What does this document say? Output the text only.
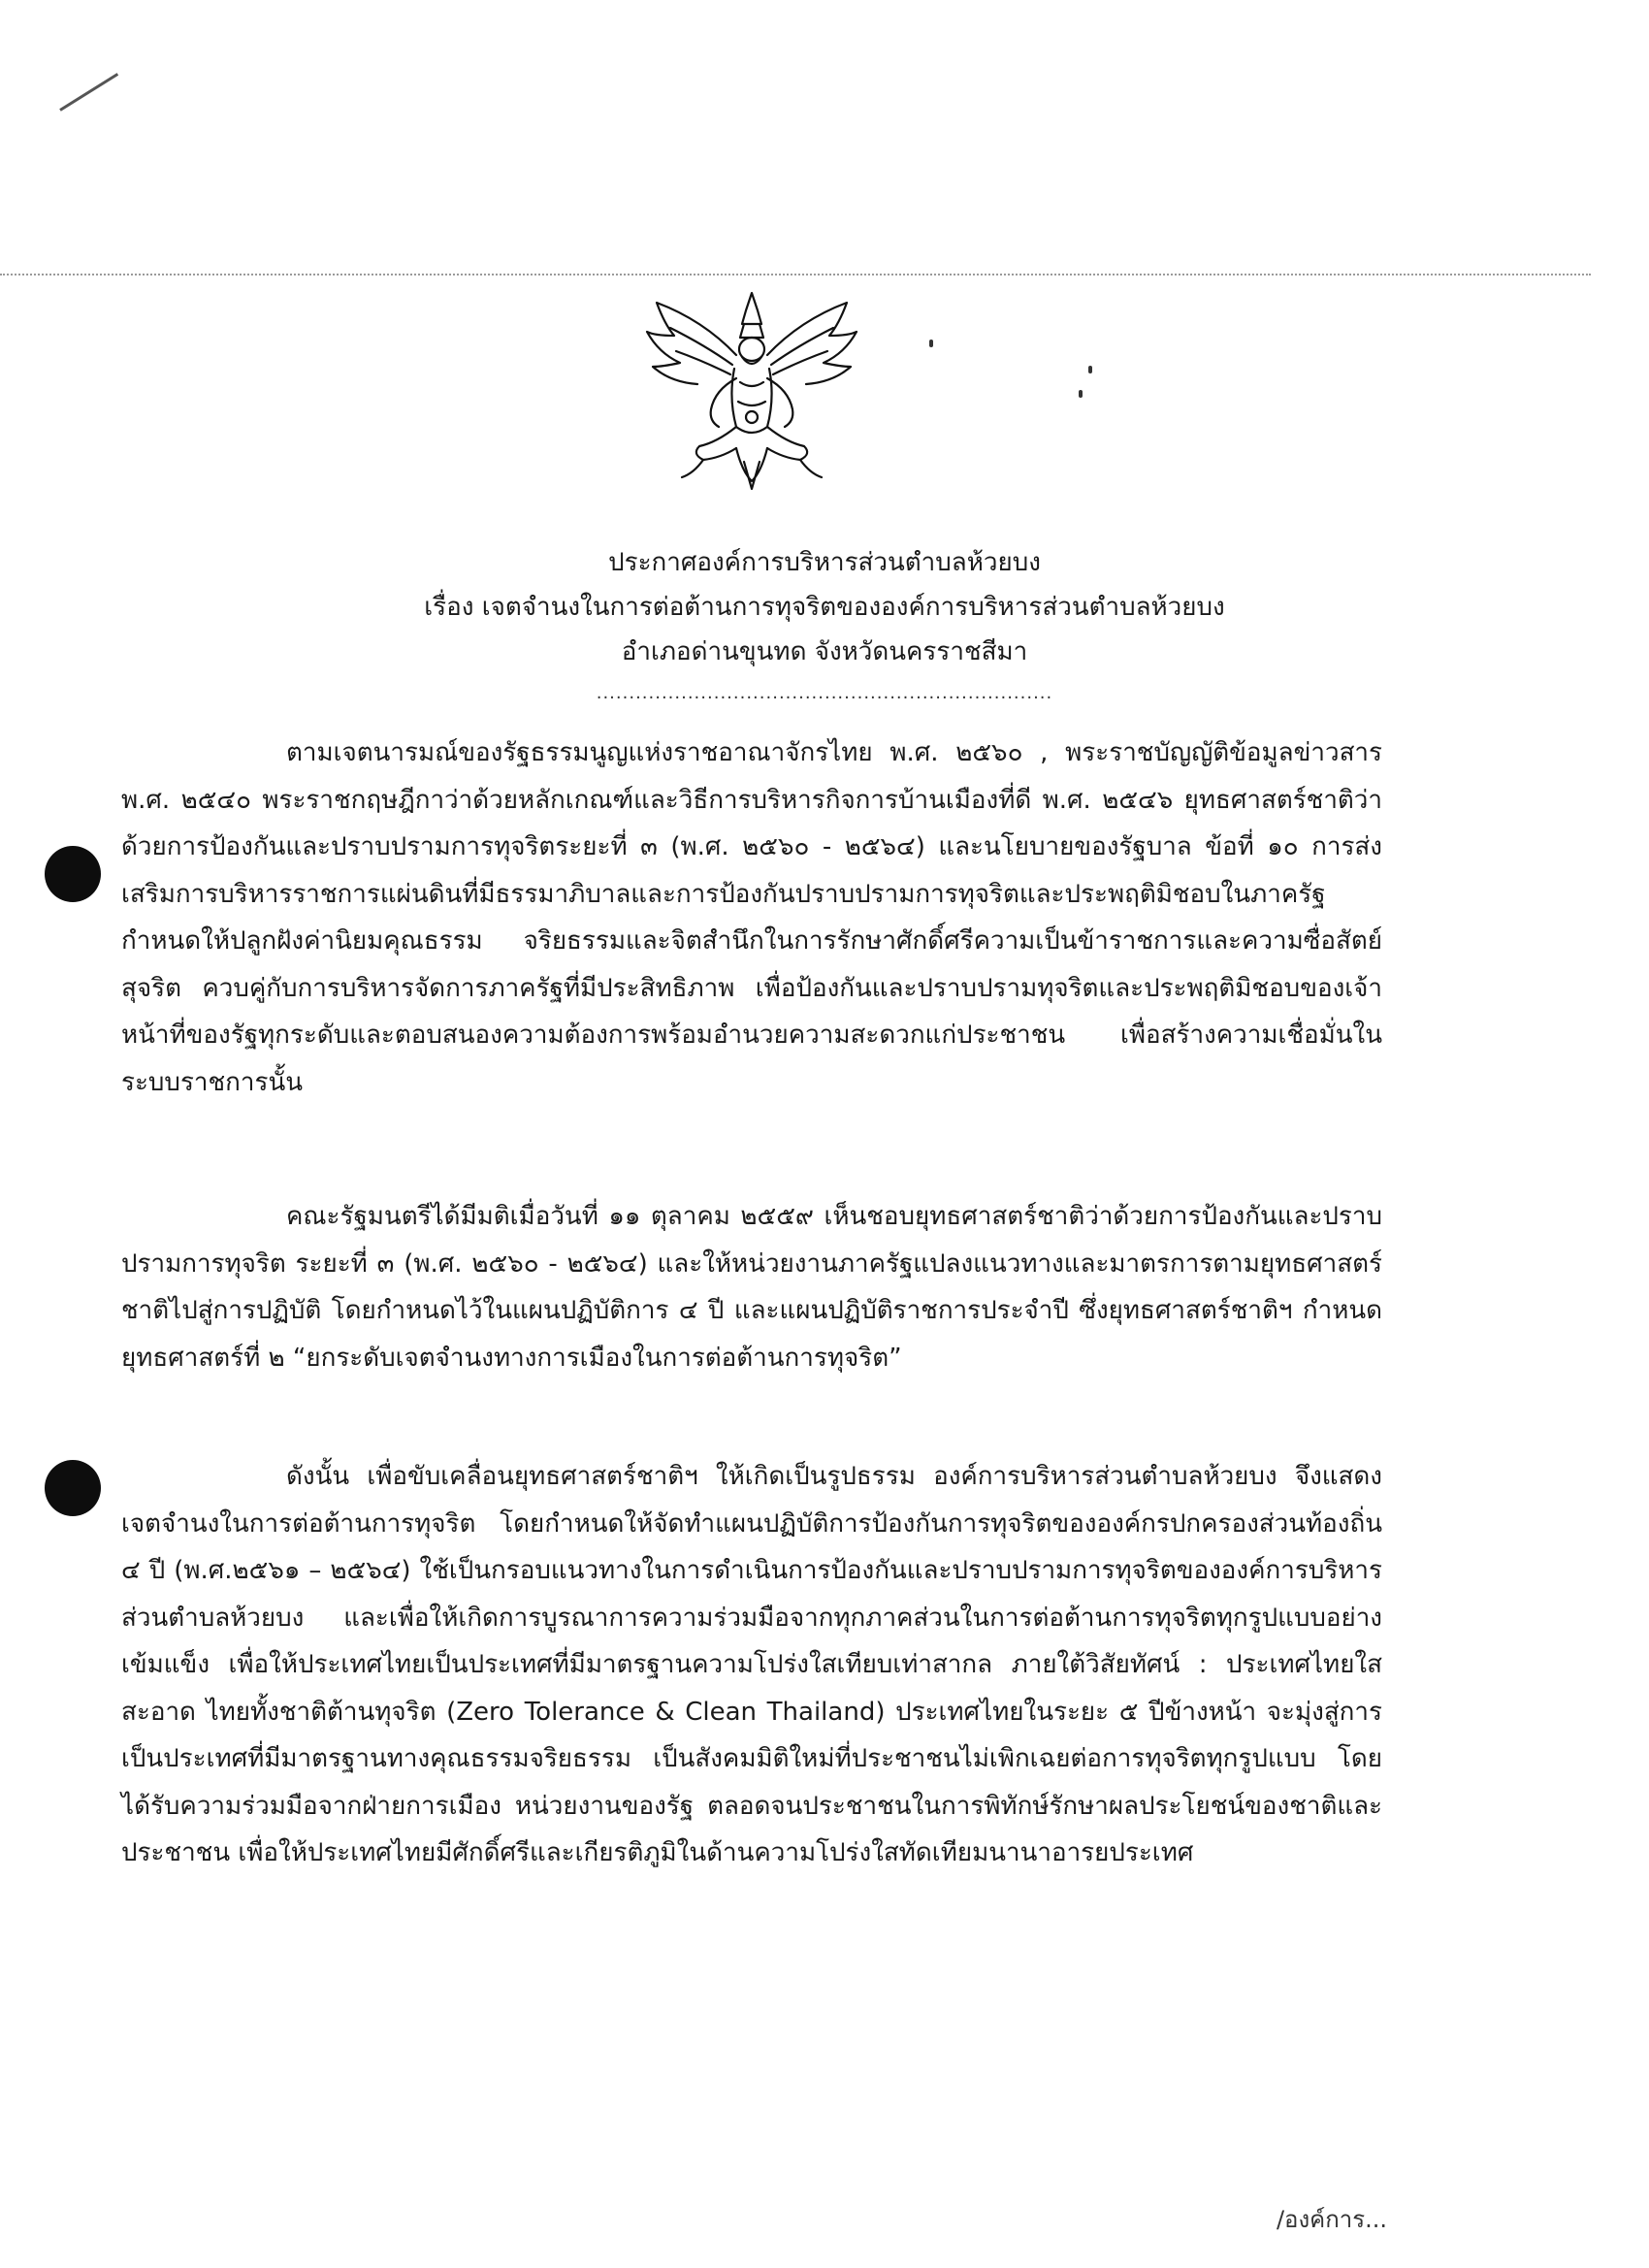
ประกาศองค์การบริหารส่วนตำบลห้วยบง
เรื่อง เจตจำนงในการต่อต้านการทุจริตขององค์การบริหารส่วนตำบลห้วยบง
อำเภอด่านขุนทด จังหวัดนครราชสีมา
......................................................................

ตามเจตนารมณ์ของรัฐธรรมนูญแห่งราชอาณาจักรไทย พ.ศ. ๒๕๖๐ , พระราชบัญญัติข้อมูลข่าวสาร พ.ศ. ๒๕๔๐ พระราชกฤษฎีกาว่าด้วยหลักเกณฑ์และวิธีการบริหารกิจการบ้านเมืองที่ดี พ.ศ. ๒๕๔๖ ยุทธศาสตร์ชาติว่าด้วยการป้องกันและปราบปรามการทุจริตระยะที่ ๓ (พ.ศ. ๒๕๖๐ - ๒๕๖๔) และนโยบายของรัฐบาล ข้อที่ ๑๐ การส่งเสริมการบริหารราชการแผ่นดินที่มีธรรมาภิบาลและการป้องกันปราบปรามการทุจริตและประพฤติมิชอบในภาครัฐ กำหนดให้ปลูกฝังค่านิยมคุณธรรม จริยธรรมและจิตสำนึกในการรักษาศักดิ์ศรีความเป็นข้าราชการและความซื่อสัตย์สุจริต ควบคู่กับการบริหารจัดการภาครัฐที่มีประสิทธิภาพ เพื่อป้องกันและปราบปรามทุจริตและประพฤติมิชอบของเจ้าหน้าที่ของรัฐทุกระดับและตอบสนองความต้องการพร้อมอำนวยความสะดวกแก่ประชาชน เพื่อสร้างความเชื่อมั่นในระบบราชการนั้น

คณะรัฐมนตรีได้มีมติเมื่อวันที่ ๑๑ ตุลาคม ๒๕๕๙ เห็นชอบยุทธศาสตร์ชาติว่าด้วยการป้องกันและปราบปรามการทุจริต ระยะที่ ๓ (พ.ศ. ๒๕๖๐ - ๒๕๖๔) และให้หน่วยงานภาครัฐแปลงแนวทางและมาตรการตามยุทธศาสตร์ชาติไปสู่การปฏิบัติ โดยกำหนดไว้ในแผนปฏิบัติการ ๔ ปี และแผนปฏิบัติราชการประจำปี ซึ่งยุทธศาสตร์ชาติฯ กำหนดยุทธศาสตร์ที่ ๒ “ยกระดับเจตจำนงทางการเมืองในการต่อต้านการทุจริต”

ดังนั้น เพื่อขับเคลื่อนยุทธศาสตร์ชาติฯ ให้เกิดเป็นรูปธรรม องค์การบริหารส่วนตำบลห้วยบง จึงแสดงเจตจำนงในการต่อต้านการทุจริต โดยกำหนดให้จัดทำแผนปฏิบัติการป้องกันการทุจริตขององค์กรปกครองส่วนท้องถิ่น ๔ ปี (พ.ศ.๒๕๖๑ – ๒๕๖๔) ใช้เป็นกรอบแนวทางในการดำเนินการป้องกันและปราบปรามการทุจริตขององค์การบริหารส่วนตำบลห้วยบง และเพื่อให้เกิดการบูรณาการความร่วมมือจากทุกภาคส่วนในการต่อต้านการทุจริตทุกรูปแบบอย่างเข้มแข็ง เพื่อให้ประเทศไทยเป็นประเทศที่มีมาตรฐานความโปร่งใสเทียบเท่าสากล ภายใต้วิสัยทัศน์ : ประเทศไทยใสสะอาด ไทยทั้งชาติต้านทุจริต (Zero Tolerance & Clean Thailand) ประเทศไทยในระยะ ๕ ปีข้างหน้า จะมุ่งสู่การเป็นประเทศที่มีมาตรฐานทางคุณธรรมจริยธรรม เป็นสังคมมิติใหม่ที่ประชาชนไม่เพิกเฉยต่อการทุจริตทุกรูปแบบ โดยได้รับความร่วมมือจากฝ่ายการเมือง หน่วยงานของรัฐ ตลอดจนประชาชนในการพิทักษ์รักษาผลประโยชน์ของชาติและประชาชน เพื่อให้ประเทศไทยมีศักดิ์ศรีและเกียรติภูมิในด้านความโปร่งใสทัดเทียมนานาอารยประเทศ

/องค์การ...
